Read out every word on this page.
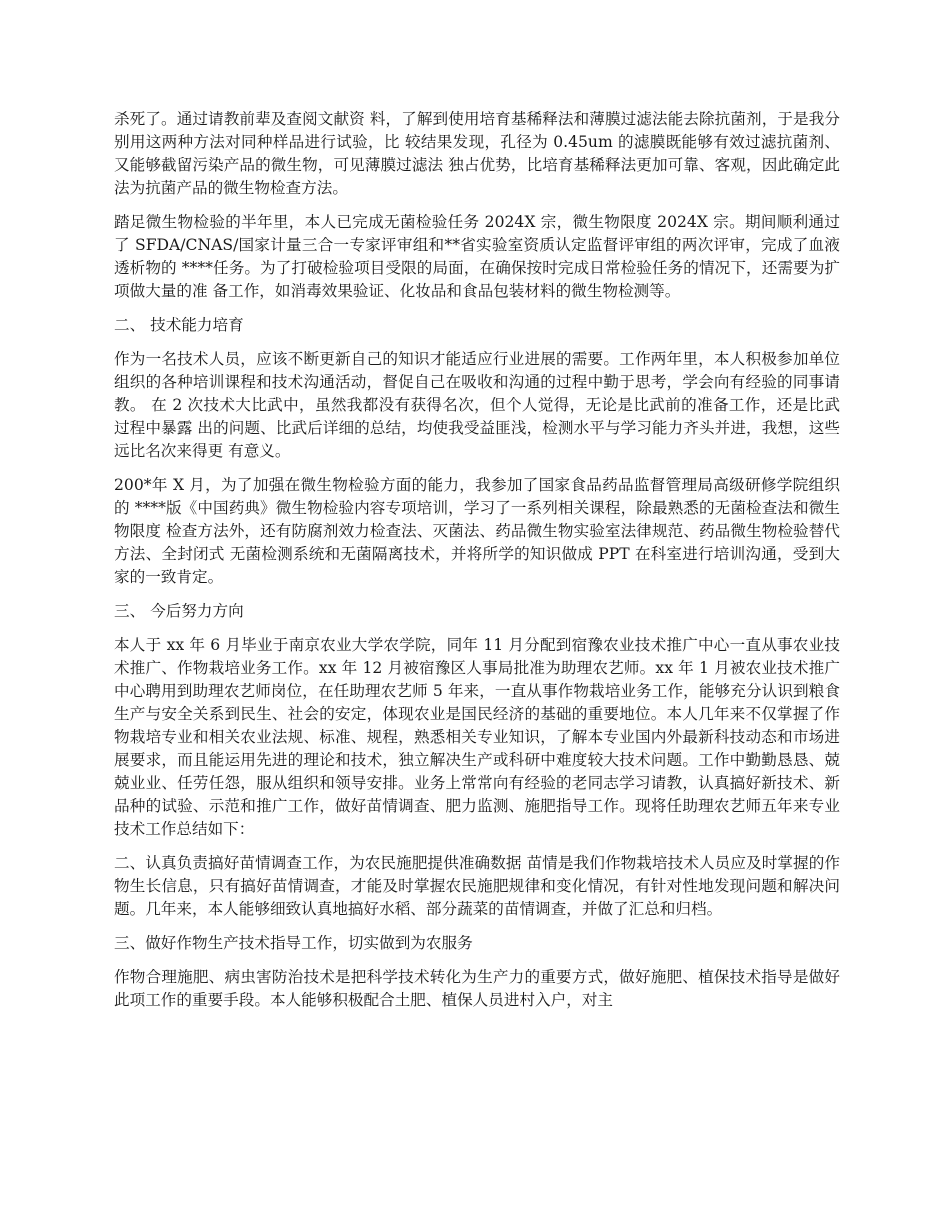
杀死了。通过请教前辈及查阅文献资 料，了解到使用培育基稀释法和薄膜过滤法能去除抗菌剂，于是我分别用这两种方法对同种样品进行试验，比 较结果发现，孔径为 0.45um 的滤膜既能够有效过滤抗菌剂、又能够截留污染产品的微生物，可见薄膜过滤法 独占优势，比培育基稀释法更加可靠、客观，因此确定此法为抗菌产品的微生物检查方法。

踏足微生物检验的半年里，本人已完成无菌检验任务 2024X 宗，微生物限度 2024X 宗。期间顺利通过了 SFDA/CNAS/国家计量三合一专家评审组和**省实验室资质认定监督评审组的两次评审，完成了血液透析物的 ****任务。为了打破检验项目受限的局面，在确保按时完成日常检验任务的情况下，还需要为扩项做大量的准 备工作，如消毒效果验证、化妆品和食品包装材料的微生物检测等。

二、 技术能力培育

作为一名技术人员，应该不断更新自己的知识才能适应行业进展的需要。工作两年里，本人积极参加单位 组织的各种培训课程和技术沟通活动，督促自己在吸收和沟通的过程中勤于思考，学会向有经验的同事请教。 在 2 次技术大比武中，虽然我都没有获得名次，但个人觉得，无论是比武前的准备工作，还是比武过程中暴露 出的问题、比武后详细的总结，均使我受益匪浅，检测水平与学习能力齐头并进，我想，这些远比名次来得更 有意义。

200*年 X 月，为了加强在微生物检验方面的能力，我参加了国家食品药品监督管理局高级研修学院组织的 ****版《中国药典》微生物检验内容专项培训，学习了一系列相关课程，除最熟悉的无菌检查法和微生物限度 检查方法外，还有防腐剂效力检查法、灭菌法、药品微生物实验室法律规范、药品微生物检验替代方法、全封闭式 无菌检测系统和无菌隔离技术，并将所学的知识做成 PPT 在科室进行培训沟通，受到大家的一致肯定。

三、 今后努力方向

本人于 xx 年 6 月毕业于南京农业大学农学院，同年 11 月分配到宿豫农业技术推广中心一直从事农业技术推广、作物栽培业务工作。xx 年 12 月被宿豫区人事局批准为助理农艺师。xx 年 1 月被农业技术推广中心聘用到助理农艺师岗位，在任助理农艺师 5 年来，一直从事作物栽培业务工作，能够充分认识到粮食生产与安全关系到民生、社会的安定，体现农业是国民经济的基础的重要地位。本人几年来不仅掌握了作物栽培专业和相关农业法规、标准、规程，熟悉相关专业知识，了解本专业国内外最新科技动态和市场进展要求，而且能运用先进的理论和技术，独立解决生产或科研中难度较大技术问题。工作中勤勤恳恳、兢兢业业、任劳任怨，服从组织和领导安排。业务上常常向有经验的老同志学习请教，认真搞好新技术、新品种的试验、示范和推广工作，做好苗情调查、肥力监测、施肥指导工作。现将任助理农艺师五年来专业技术工作总结如下：

二、认真负责搞好苗情调查工作，为农民施肥提供准确数据 苗情是我们作物栽培技术人员应及时掌握的作物生长信息，只有搞好苗情调查，才能及时掌握农民施肥规律和变化情况，有针对性地发现问题和解决问题。几年来，本人能够细致认真地搞好水稻、部分蔬菜的苗情调查，并做了汇总和归档。

三、做好作物生产技术指导工作，切实做到为农服务

作物合理施肥、病虫害防治技术是把科学技术转化为生产力的重要方式，做好施肥、植保技术指导是做好此项工作的重要手段。本人能够积极配合土肥、植保人员进村入户，对主
